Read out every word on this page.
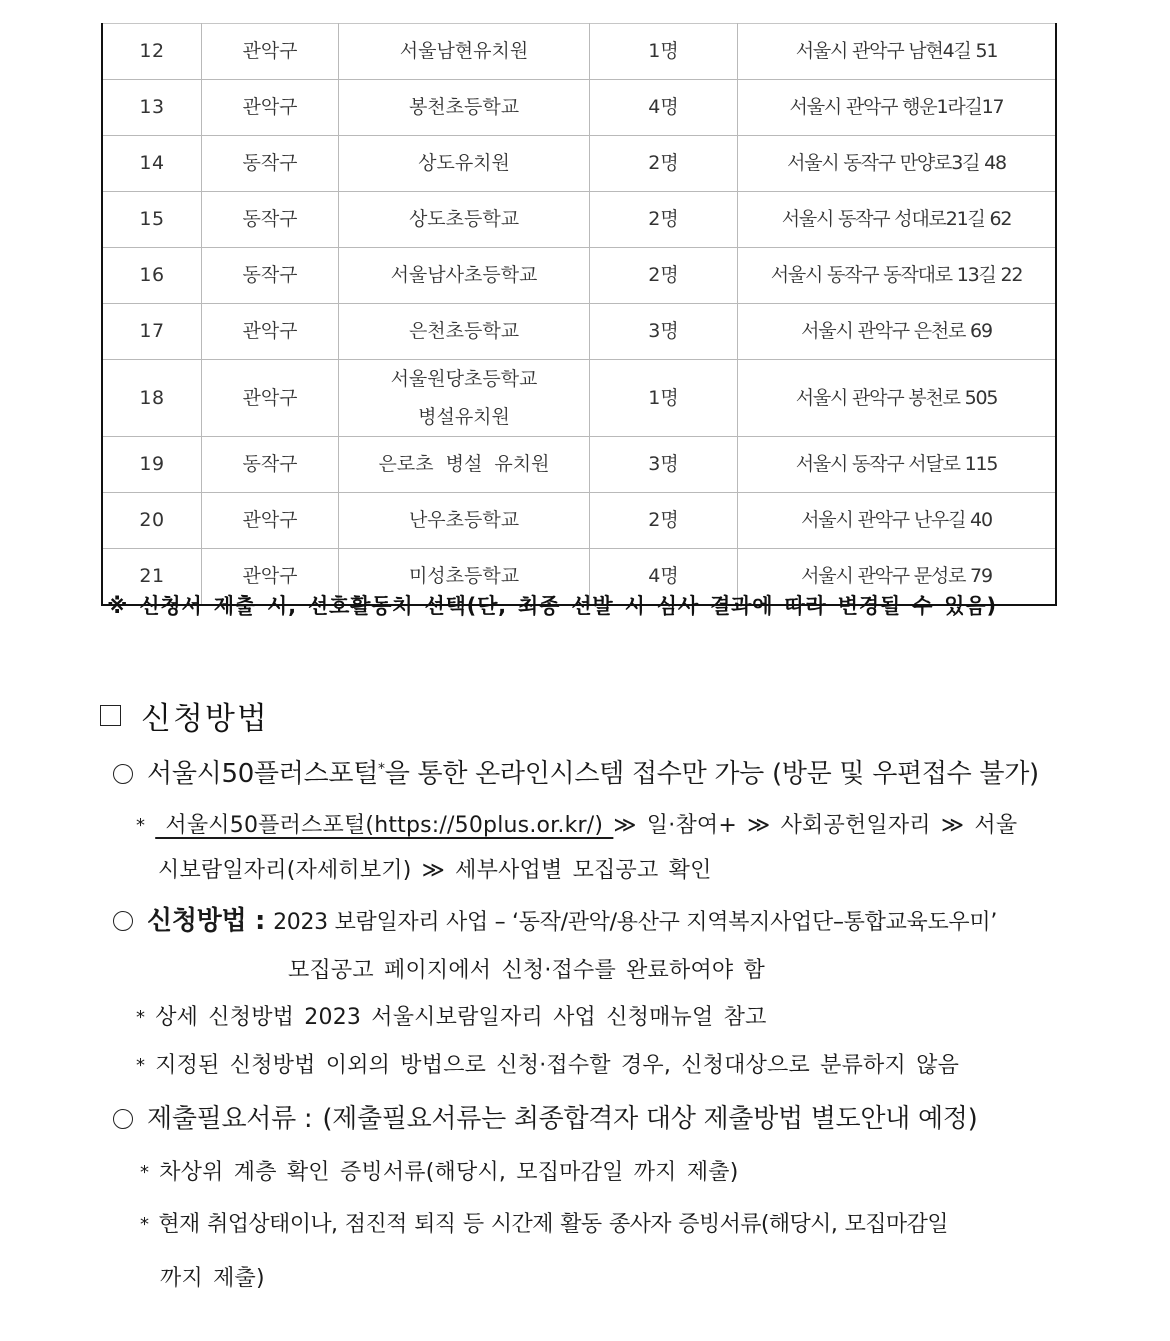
12	관악구	서울남현유치원	1명	서울시 관악구 남현4길 51
13	관악구	봉천초등학교	4명	서울시 관악구 행운1라길17
14	동작구	상도유치원	2명	서울시 동작구 만양로3길 48
15	동작구	상도초등학교	2명	서울시 동작구 성대로21길 62
16	동작구	서울남사초등학교	2명	서울시 동작구 동작대로 13길 22
17	관악구	은천초등학교	3명	서울시 관악구 은천로 69
18	관악구	서울원당초등학교
병설유치원	1명	서울시 관악구 봉천로 505
19	동작구	은로초 병설 유치원	3명	서울시 동작구 서달로 115
20	관악구	난우초등학교	2명	서울시 관악구 난우길 40
21	관악구	미성초등학교	4명	서울시 관악구 문성로 79
※ 신청서 제출 시, 선호활동처 선택(단, 최종 선발 시 심사 결과에 따라 변경될 수 있음)
신청방법
서울시50플러스포털*을 통한 온라인시스템 접수만 가능 (방문 및 우편접수 불가)
* 서울시50플러스포털(https://50plus.or.kr/) ≫ 일·참여+ ≫ 사회공헌일자리 ≫ 서울
시보람일자리(자세히보기) ≫ 세부사업별 모집공고 확인
신청방법 : 2023 보람일자리 사업 – ‘동작/관악/용산구 지역복지사업단–통합교육도우미’
모집공고 페이지에서 신청·접수를 완료하여야 함
* 상세 신청방법 2023 서울시보람일자리 사업 신청매뉴얼 참고
* 지정된 신청방법 이외의 방법으로 신청·접수할 경우, 신청대상으로 분류하지 않음
제출필요서류 : (제출필요서류는 최종합격자 대상 제출방법 별도안내 예정)
* 차상위 계층 확인 증빙서류(해당시, 모집마감일 까지 제출)
* 현재 취업상태이나, 점진적 퇴직 등 시간제 활동 종사자 증빙서류(해당시, 모집마감일
까지 제출)
